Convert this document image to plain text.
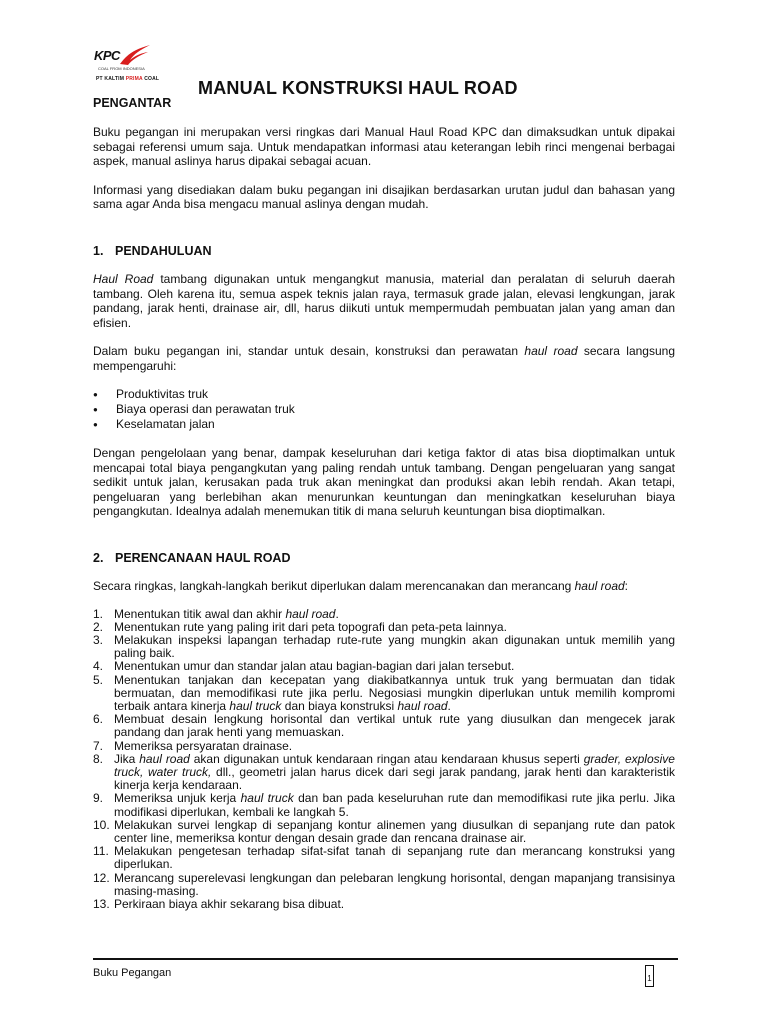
KPC
COAL FROM INDONESIA
PT KALTIM PRIMA COAL MANUAL KONSTRUKSI HAUL ROAD
PENGANTAR

Buku pegangan ini merupakan versi ringkas dari Manual Haul Road KPC dan dimaksudkan untuk dipakai sebagai referensi umum saja. Untuk mendapatkan informasi atau keterangan lebih rinci mengenai berbagai aspek, manual aslinya harus dipakai sebagai acuan.

Informasi yang disediakan dalam buku pegangan ini disajikan berdasarkan urutan judul dan bahasan yang sama agar Anda bisa mengacu manual aslinya dengan mudah.

1. PENDAHULUAN

Haul Road tambang digunakan untuk mengangkut manusia, material dan peralatan di seluruh daerah tambang. Oleh karena itu, semua aspek teknis jalan raya, termasuk grade jalan, elevasi lengkungan, jarak pandang, jarak henti, drainase air, dll, harus diikuti untuk mempermudah pembuatan jalan yang aman dan efisien.

Dalam buku pegangan ini, standar untuk desain, konstruksi dan perawatan haul road secara langsung mempengaruhi:

● Produktivitas truk
● Biaya operasi dan perawatan truk
● Keselamatan jalan

Dengan pengelolaan yang benar, dampak keseluruhan dari ketiga faktor di atas bisa dioptimalkan untuk mencapai total biaya pengangkutan yang paling rendah untuk tambang. Dengan pengeluaran yang sangat sedikit untuk jalan, kerusakan pada truk akan meningkat dan produksi akan lebih rendah. Akan tetapi, pengeluaran yang berlebihan akan menurunkan keuntungan dan meningkatkan keseluruhan biaya pengangkutan. Idealnya adalah menemukan titik di mana seluruh keuntungan bisa dioptimalkan.

2. PERENCANAAN HAUL ROAD

Secara ringkas, langkah-langkah berikut diperlukan dalam merencanakan dan merancang haul road:

1. Menentukan titik awal dan akhir haul road.
2. Menentukan rute yang paling irit dari peta topografi dan peta-peta lainnya.
3. Melakukan inspeksi lapangan terhadap rute-rute yang mungkin akan digunakan untuk memilih yang paling baik.
4. Menentukan umur dan standar jalan atau bagian-bagian dari jalan tersebut.
5. Menentukan tanjakan dan kecepatan yang diakibatkannya untuk truk yang bermuatan dan tidak bermuatan, dan memodifikasi rute jika perlu. Negosiasi mungkin diperlukan untuk memilih kompromi terbaik antara kinerja haul truck dan biaya konstruksi haul road.
6. Membuat desain lengkung horisontal dan vertikal untuk rute yang diusulkan dan mengecek jarak pandang dan jarak henti yang memuaskan.
7. Memeriksa persyaratan drainase.
8. Jika haul road akan digunakan untuk kendaraan ringan atau kendaraan khusus seperti grader, explosive truck, water truck, dll., geometri jalan harus dicek dari segi jarak pandang, jarak henti dan karakteristik kinerja kerja kendaraan.
9. Memeriksa unjuk kerja haul truck dan ban pada keseluruhan rute dan memodifikasi rute jika perlu. Jika modifikasi diperlukan, kembali ke langkah 5.
10. Melakukan survei lengkap di sepanjang kontur alinemen yang diusulkan di sepanjang rute dan patok center line, memeriksa kontur dengan desain grade dan rencana drainase air.
11. Melakukan pengetesan terhadap sifat-sifat tanah di sepanjang rute dan merancang konstruksi yang diperlukan.
12. Merancang superelevasi lengkungan dan pelebaran lengkung horisontal, dengan mapanjang transisinya masing-masing.
13. Perkiraan biaya akhir sekarang bisa dibuat.
Buku Pegangan	1
